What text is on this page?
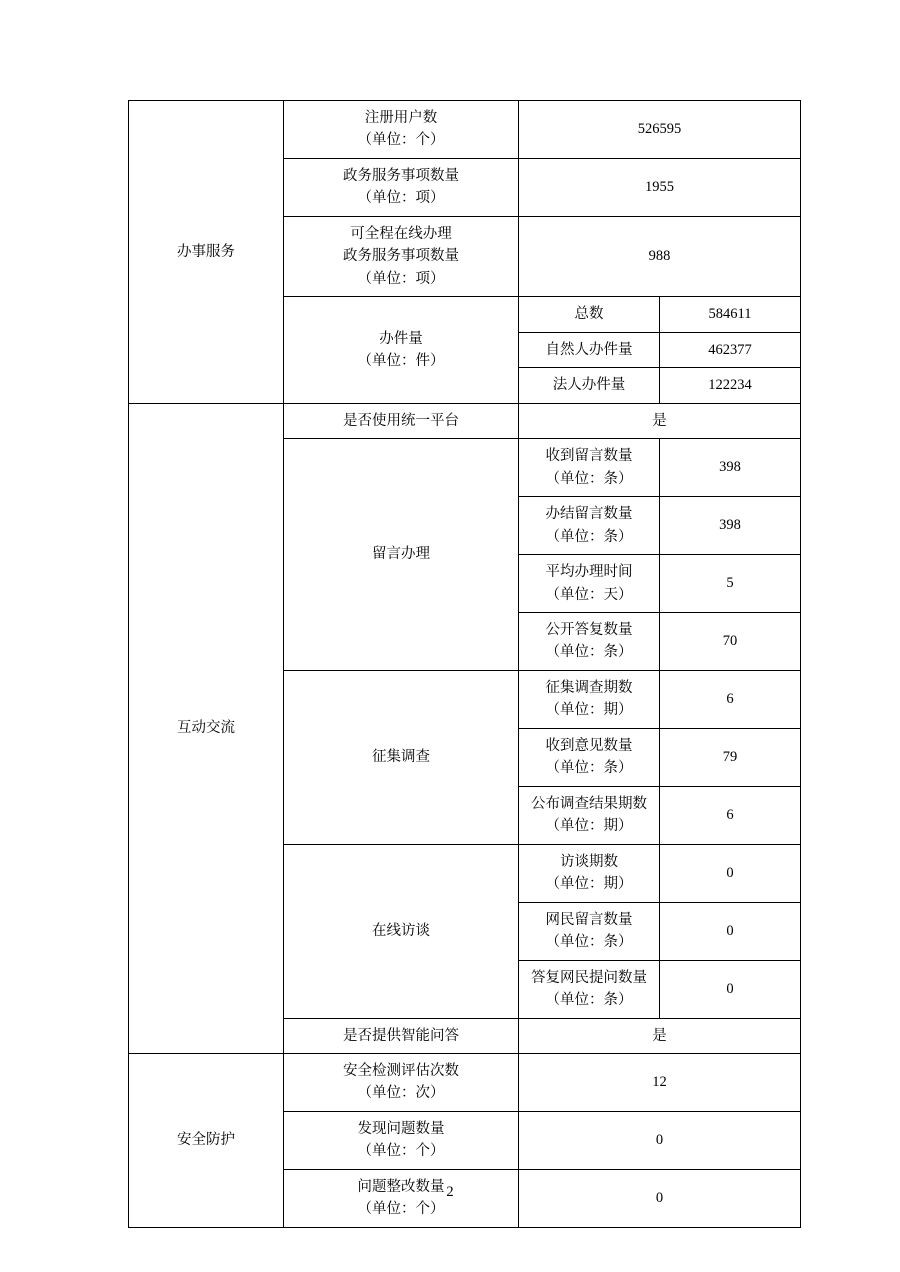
办事服务	注册用户数
（单位：个）	526595	
	政务服务事项数量
（单位：项）	1955	

	可全程在线办理
政务服务事项数量
（单位：项）	988	
	办件量
（单位：件）	总数	584611
		自然人办件量	462377
		法人办件量	122234
互动交流	是否使用统一平台	是	
	留言办理	收到留言数量
（单位：条）	398
		办结留言数量
（单位：条）	398
		平均办理时间
（单位：天）	5
		公开答复数量
（单位：条）	70
	征集调查	征集调查期数
（单位：期）	6
		收到意见数量
（单位：条）	79
		公布调查结果期数
（单位：期）	6
	在线访谈	访谈期数
（单位：期）	0
		网民留言数量
（单位：条）	0
		答复网民提问数量
（单位：条）	0
	是否提供智能问答	是	
安全防护	安全检测评估次数
（单位：次）	12	
	发现问题数量
（单位：个）	0	
	问题整改数量
（单位：个）	0	
2
